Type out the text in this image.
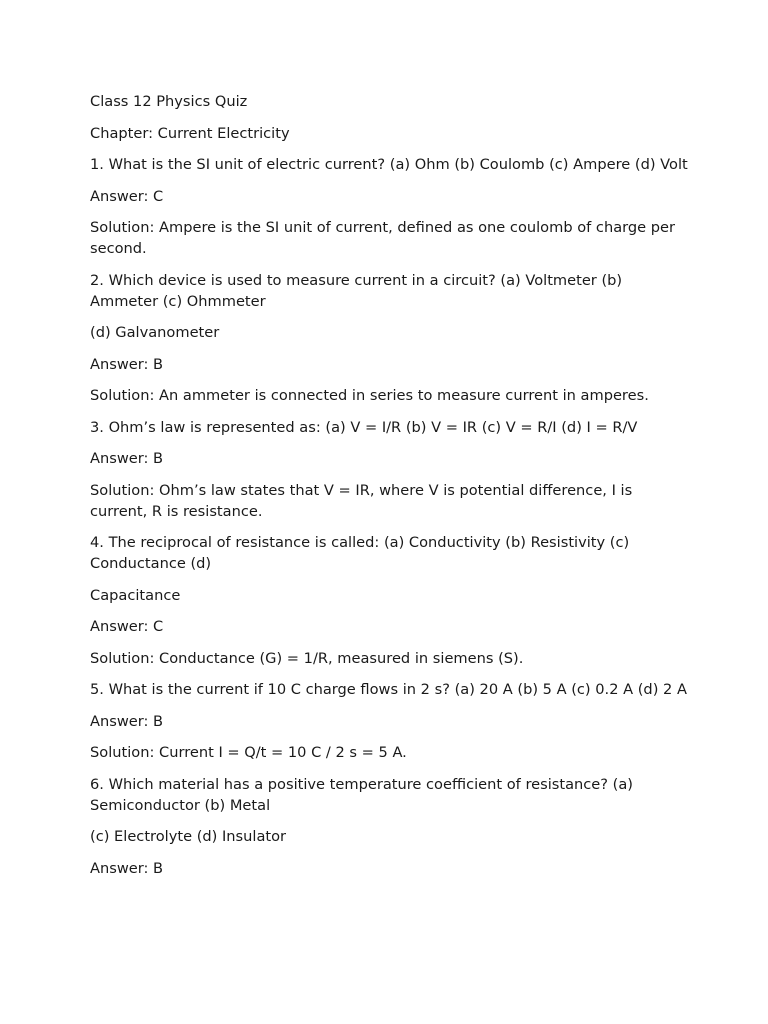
Class 12 Physics Quiz

Chapter: Current Electricity

1. What is the SI unit of electric current? (a) Ohm (b) Coulomb (c) Ampere (d) Volt

Answer: C

Solution: Ampere is the SI unit of current, defined as one coulomb of charge per second.

2. Which device is used to measure current in a circuit? (a) Voltmeter (b) Ammeter (c) Ohmmeter

(d) Galvanometer

Answer: B

Solution: An ammeter is connected in series to measure current in amperes.

3. Ohm’s law is represented as: (a) V = I/R (b) V = IR (c) V = R/I (d) I = R/V

Answer: B

Solution: Ohm’s law states that V = IR, where V is potential difference, I is current, R is resistance.

4. The reciprocal of resistance is called: (a) Conductivity (b) Resistivity (c) Conductance (d)

Capacitance

Answer: C

Solution: Conductance (G) = 1/R, measured in siemens (S).

5. What is the current if 10 C charge flows in 2 s? (a) 20 A (b) 5 A (c) 0.2 A (d) 2 A

Answer: B

Solution: Current I = Q/t = 10 C / 2 s = 5 A.

6. Which material has a positive temperature coefficient of resistance? (a) Semiconductor (b) Metal

(c) Electrolyte (d) Insulator

Answer: B
